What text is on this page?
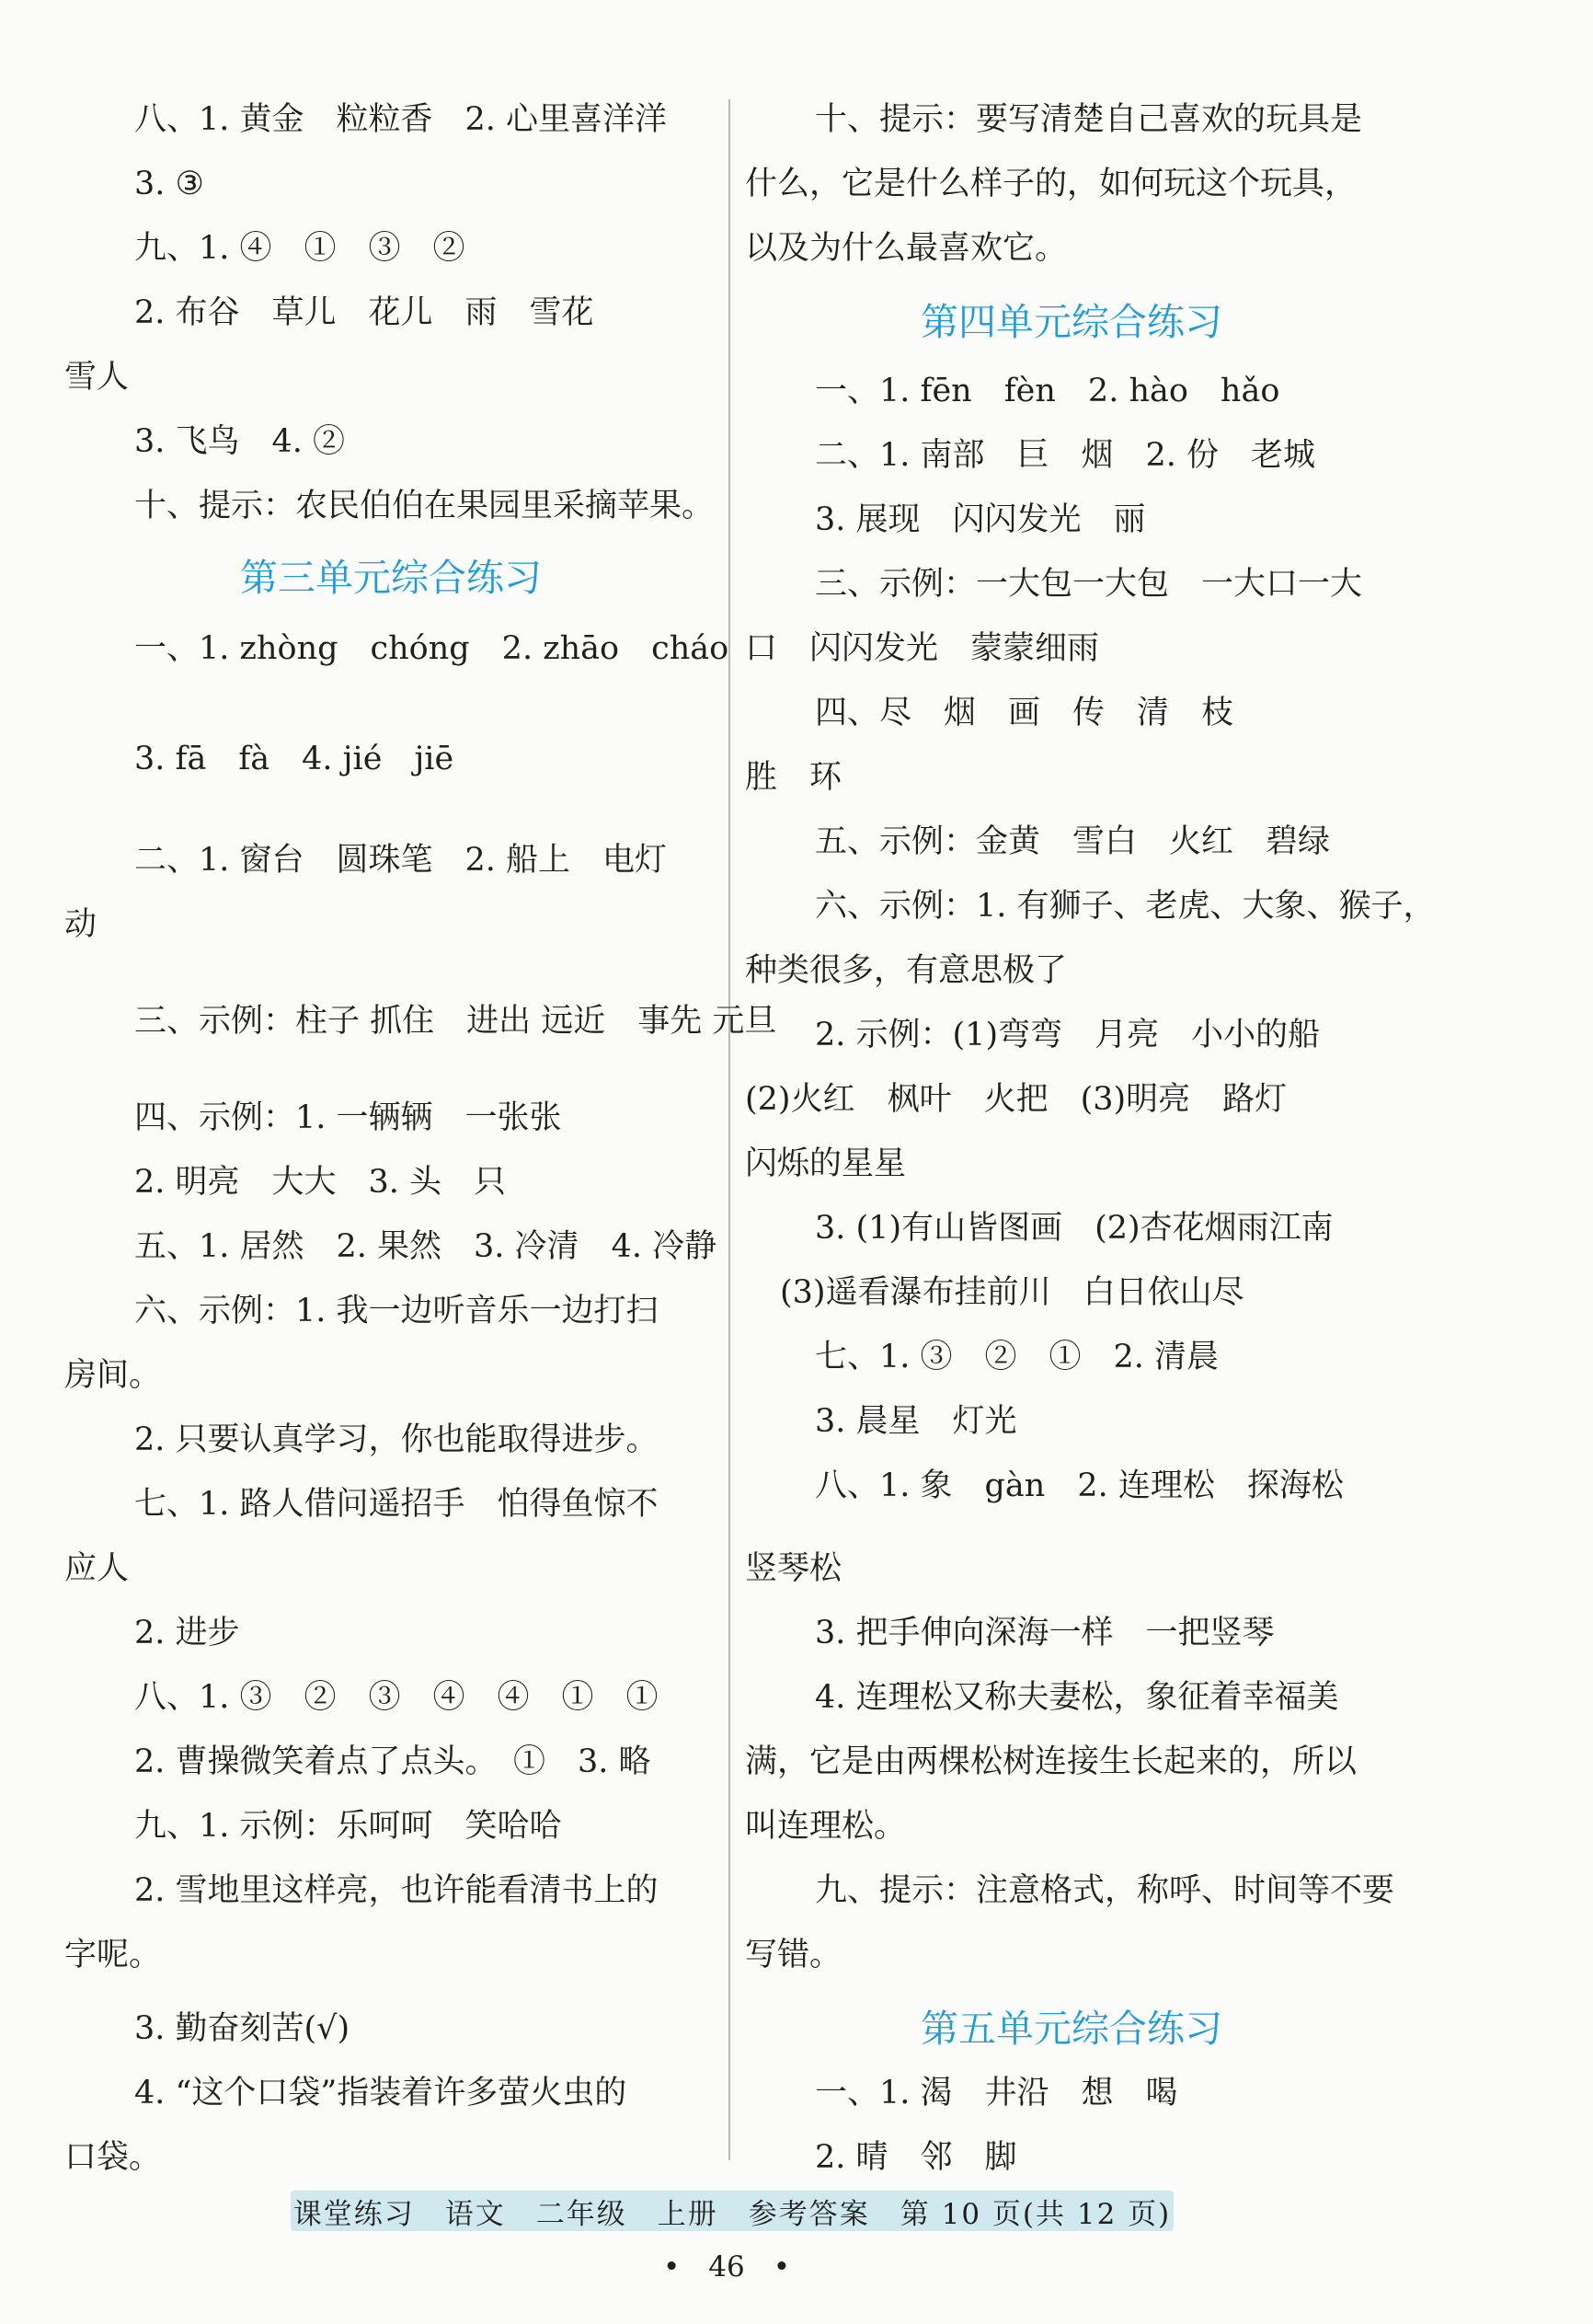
八、1. 黄金　粒粒香　2. 心里喜洋洋
3. ③
九、1. ④　①　③　②
2. 布谷　草儿　花儿　雨　雪花
雪人
3. 飞鸟　4. ②
十、提示：农民伯伯在果园里采摘苹果。
第三单元综合练习
一、1. zhòng　chóng　2. zhāo　cháo
3. fā　fà　4. jié　jiē
二、1. 窗台　圆珠笔　2. 船上　电灯
动
三、示例：柱子 抓住　进出 远近　事先 元旦
四、示例：1. 一辆辆　一张张
2. 明亮　大大　3. 头　只
五、1. 居然　2. 果然　3. 冷清　4. 冷静
六、示例：1. 我一边听音乐一边打扫
房间。
2. 只要认真学习，你也能取得进步。
七、1. 路人借问遥招手　怕得鱼惊不
应人
2. 进步
八、1. ③　②　③　④　④　①　①
2. 曹操微笑着点了点头。　①　3. 略
九、1. 示例：乐呵呵　笑哈哈
2. 雪地里这样亮，也许能看清书上的
字呢。
3. 勤奋刻苦(√)
4. “这个口袋”指装着许多萤火虫的
口袋。
十、提示：要写清楚自己喜欢的玩具是
什么，它是什么样子的，如何玩这个玩具，
以及为什么最喜欢它。
第四单元综合练习
一、1. fēn　fèn　2. hào　hǎo
二、1. 南部　巨　烟　2. 份　老城
3. 展现　闪闪发光　丽
三、示例：一大包一大包　一大口一大
口　闪闪发光　蒙蒙细雨
四、尽　烟　画　传　清　枝
胜　环
五、示例：金黄　雪白　火红　碧绿
六、示例：1. 有狮子、老虎、大象、猴子，
种类很多，有意思极了
2. 示例：(1)弯弯　月亮　小小的船
(2)火红　枫叶　火把　(3)明亮　路灯
闪烁的星星
3. (1)有山皆图画　(2)杏花烟雨江南
(3)遥看瀑布挂前川　白日依山尽
七、1. ③　②　①　2. 清晨
3. 晨星　灯光
八、1. 象　gàn　2. 连理松　探海松
竖琴松
3. 把手伸向深海一样　一把竖琴
4. 连理松又称夫妻松，象征着幸福美
满，它是由两棵松树连接生长起来的，所以
叫连理松。
九、提示：注意格式，称呼、时间等不要
写错。
第五单元综合练习
一、1. 渴　井沿　想　喝
2. 晴　邻　脚
课堂练习　语文　二年级　上册　参考答案　第 10 页(共 12 页)
•　46　•
